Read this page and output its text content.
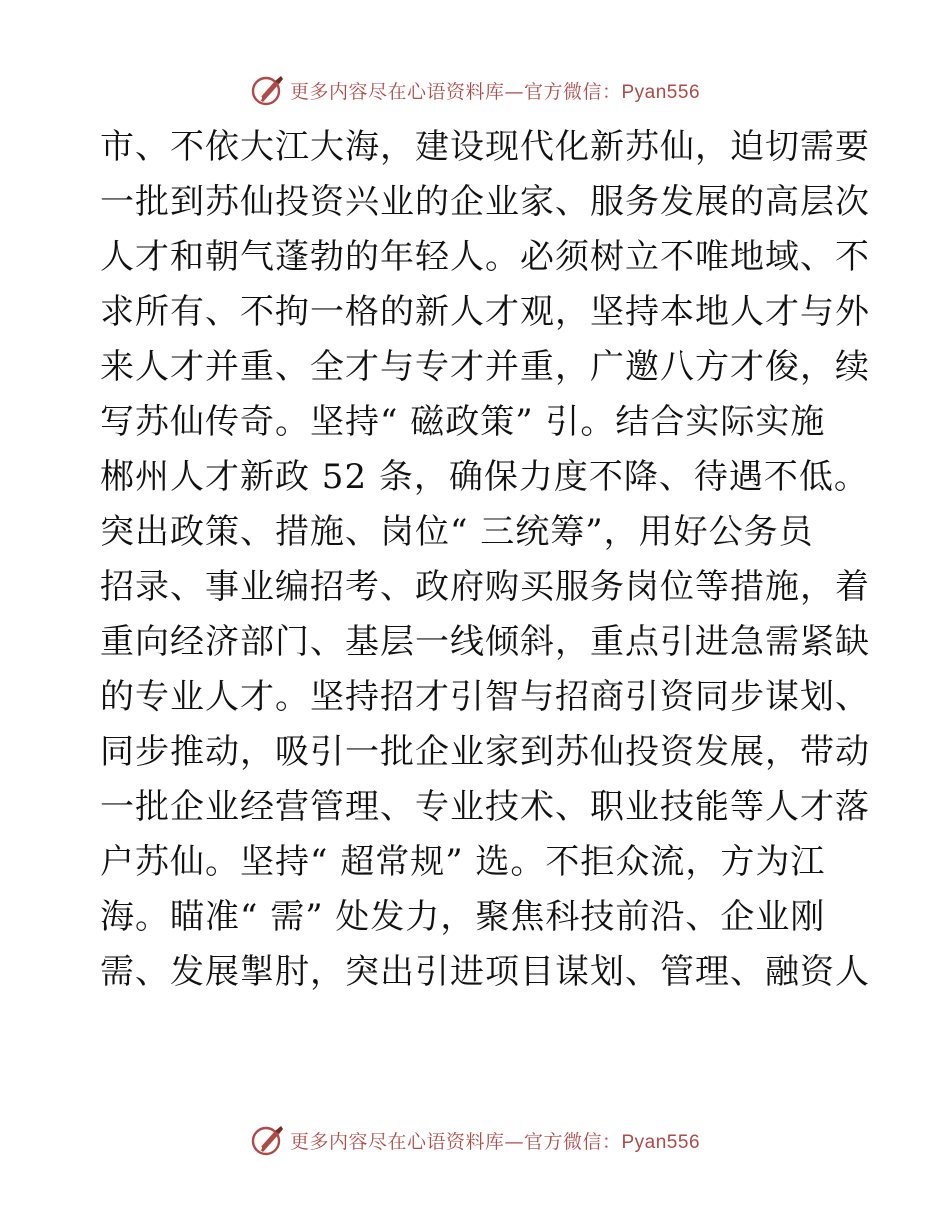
更多内容尽在心语资料库—官方微信：Pyan556
市、不依大江大海，建设现代化新苏仙，迫切需要
一批到苏仙投资兴业的企业家、服务发展的高层次
人才和朝气蓬勃的年轻人。必须树立不唯地域、不
求所有、不拘一格的新人才观，坚持本地人才与外
来人才并重、全才与专才并重，广邀八方才俊，续
写苏仙传奇。坚持“ 磁政策” 引。结合实际实施
郴州人才新政 52 条，确保力度不降、待遇不低。
突出政策、措施、岗位“ 三统筹”，用好公务员
招录、事业编招考、政府购买服务岗位等措施，着
重向经济部门、基层一线倾斜，重点引进急需紧缺
的专业人才。坚持招才引智与招商引资同步谋划、
同步推动，吸引一批企业家到苏仙投资发展，带动
一批企业经营管理、专业技术、职业技能等人才落
户苏仙。坚持“ 超常规” 选。不拒众流，方为江
海。瞄准“ 需” 处发力，聚焦科技前沿、企业刚
需、发展掣肘，突出引进项目谋划、管理、融资人
更多内容尽在心语资料库—官方微信：Pyan556
